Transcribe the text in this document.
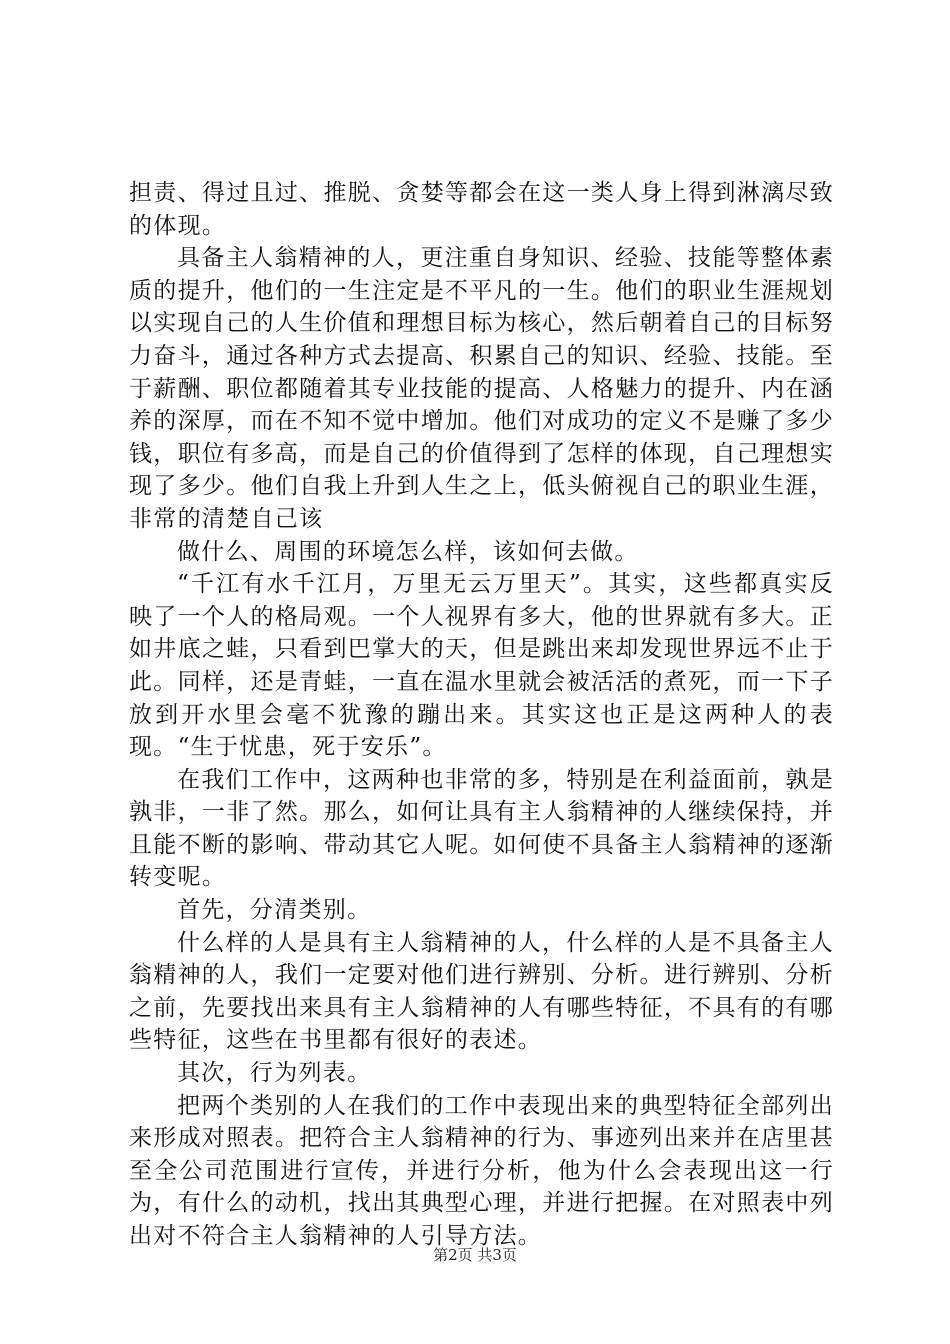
担责、得过且过、推脱、贪婪等都会在这一类人身上得到淋漓尽致的体现。

具备主人翁精神的人，更注重自身知识、经验、技能等整体素质的提升，他们的一生注定是不平凡的一生。他们的职业生涯规划以实现自己的人生价值和理想目标为核心，然后朝着自己的目标努力奋斗，通过各种方式去提高、积累自己的知识、经验、技能。至于薪酬、职位都随着其专业技能的提高、人格魅力的提升、内在涵养的深厚，而在不知不觉中增加。他们对成功的定义不是赚了多少钱，职位有多高，而是自己的价值得到了怎样的体现，自己理想实现了多少。他们自我上升到人生之上，低头俯视自己的职业生涯，非常的清楚自己该

做什么、周围的环境怎么样，该如何去做。

“千江有水千江月，万里无云万里天”。其实，这些都真实反映了一个人的格局观。一个人视界有多大，他的世界就有多大。正如井底之蛙，只看到巴掌大的天，但是跳出来却发现世界远不止于此。同样，还是青蛙，一直在温水里就会被活活的煮死，而一下子放到开水里会毫不犹豫的蹦出来。其实这也正是这两种人的表现。“生于忧患，死于安乐”。

在我们工作中，这两种也非常的多，特别是在利益面前，孰是孰非，一非了然。那么，如何让具有主人翁精神的人继续保持，并且能不断的影响、带动其它人呢。如何使不具备主人翁精神的逐渐转变呢。

首先，分清类别。

什么样的人是具有主人翁精神的人，什么样的人是不具备主人翁精神的人，我们一定要对他们进行辨别、分析。进行辨别、分析之前，先要找出来具有主人翁精神的人有哪些特征，不具有的有哪些特征，这些在书里都有很好的表述。

其次，行为列表。

把两个类别的人在我们的工作中表现出来的典型特征全部列出来形成对照表。把符合主人翁精神的行为、事迹列出来并在店里甚至全公司范围进行宣传，并进行分析，他为什么会表现出这一行为，有什么的动机，找出其典型心理，并进行把握。在对照表中列出对不符合主人翁精神的人引导方法。

第2页 共3页
